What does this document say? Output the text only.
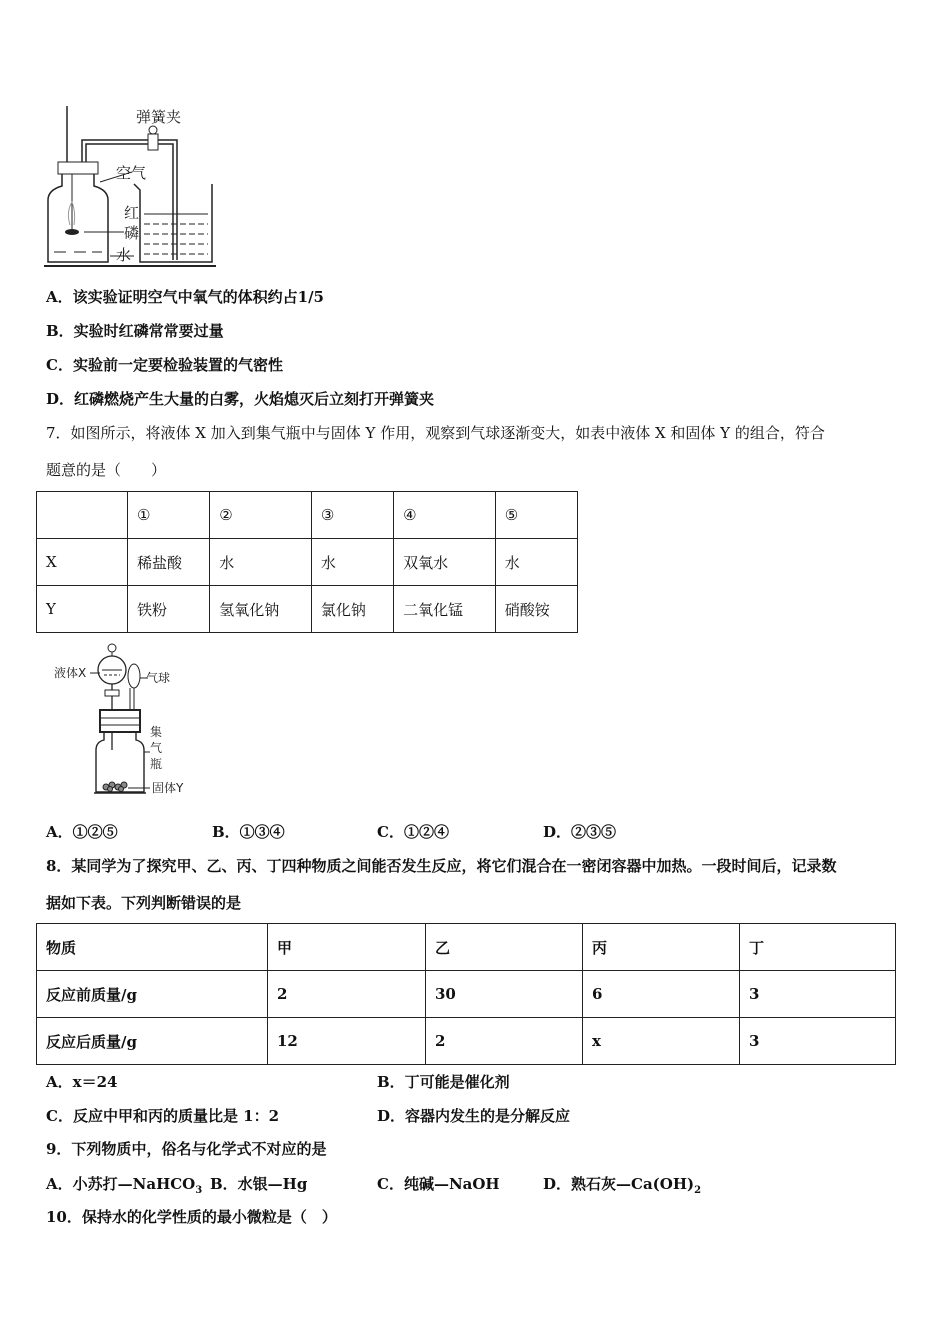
弹簧夹
空气
红
磷
水
A．该实验证明空气中氧气的体积约占1/5
B．实验时红磷常常要过量
C．实验前一定要检验装置的气密性
D．红磷燃烧产生大量的白雾，火焰熄灭后立刻打开弹簧夹
7．如图所示，将液体 X 加入到集气瓶中与固体 Y 作用，观察到气球逐渐变大，如表中液体 X 和固体 Y 的组合，符合
题意的是（　　）
	①	②	③	④	⑤
X	稀盐酸	水	水	双氧水	水
Y	铁粉	氢氧化钠	氯化钠	二氧化锰	硝酸铵
液体X	气球
集
气
瓶
固体Y
A．①②⑤	B．①③④	C．①②④	D．②③⑤
8．某同学为了探究甲、乙、丙、丁四种物质之间能否发生反应，将它们混合在一密闭容器中加热。一段时间后，记录数
据如下表。下列判断错误的是
物质	甲	乙	丙	丁
反应前质量/g	2	30	6	3
反应后质量/g	12	2	x	3
A．x＝24	B．丁可能是催化剂
C．反应中甲和丙的质量比是 1：2	D．容器内发生的是分解反应
9．下列物质中，俗名与化学式不对应的是
A．小苏打—NaHCO$_3$ B．水银—Hg	C．纯碱—NaOH	D．熟石灰$—Ca(OH)_2$
10．保持水的化学性质的最小微粒是（　）
